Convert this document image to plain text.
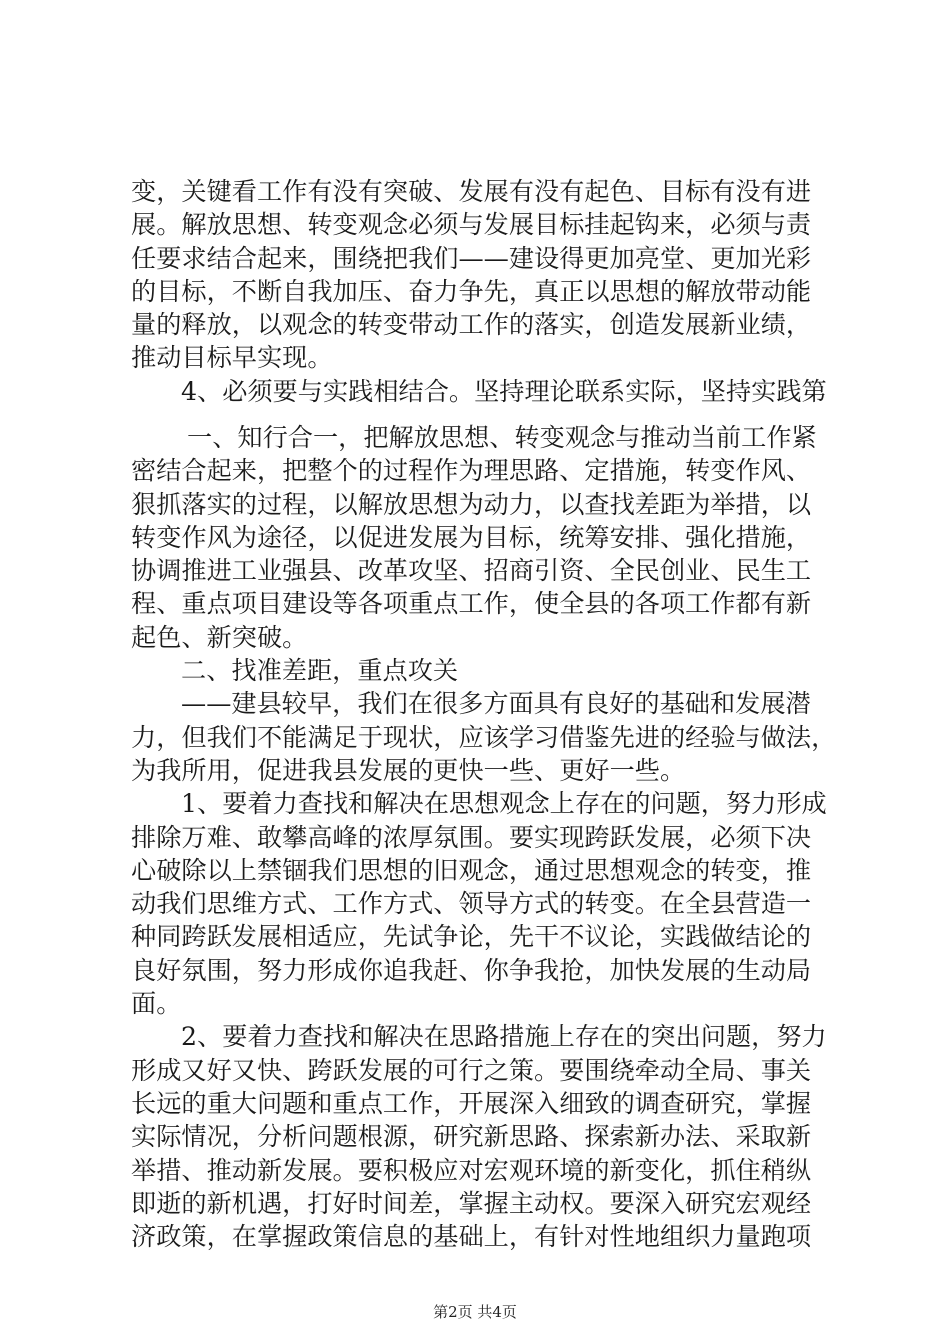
变，关键看工作有没有突破、发展有没有起色、目标有没有进
展。解放思想、转变观念必须与发展目标挂起钩来，必须与责
任要求结合起来，围绕把我们——建设得更加亮堂、更加光彩
的目标，不断自我加压、奋力争先，真正以思想的解放带动能
量的释放，以观念的转变带动工作的落实，创造发展新业绩，
推动目标早实现。
4、必须要与实践相结合。坚持理论联系实际，坚持实践第
一、知行合一，把解放思想、转变观念与推动当前工作紧
密结合起来，把整个的过程作为理思路、定措施，转变作风、
狠抓落实的过程，以解放思想为动力，以查找差距为举措，以
转变作风为途径，以促进发展为目标，统筹安排、强化措施，
协调推进工业强县、改革攻坚、招商引资、全民创业、民生工
程、重点项目建设等各项重点工作，使全县的各项工作都有新
起色、新突破。
二、找准差距，重点攻关
——建县较早，我们在很多方面具有良好的基础和发展潜
力，但我们不能满足于现状，应该学习借鉴先进的经验与做法，
为我所用，促进我县发展的更快一些、更好一些。
1、要着力查找和解决在思想观念上存在的问题，努力形成
排除万难、敢攀高峰的浓厚氛围。要实现跨跃发展，必须下决
心破除以上禁锢我们思想的旧观念，通过思想观念的转变，推
动我们思维方式、工作方式、领导方式的转变。在全县营造一
种同跨跃发展相适应，先试争论，先干不议论，实践做结论的
良好氛围，努力形成你追我赶、你争我抢，加快发展的生动局
面。
2、要着力查找和解决在思路措施上存在的突出问题，努力
形成又好又快、跨跃发展的可行之策。要围绕牵动全局、事关
长远的重大问题和重点工作，开展深入细致的调查研究，掌握
实际情况，分析问题根源，研究新思路、探索新办法、采取新
举措、推动新发展。要积极应对宏观环境的新变化，抓住稍纵
即逝的新机遇，打好时间差，掌握主动权。要深入研究宏观经
济政策，在掌握政策信息的基础上，有针对性地组织力量跑项
第2页 共4页
